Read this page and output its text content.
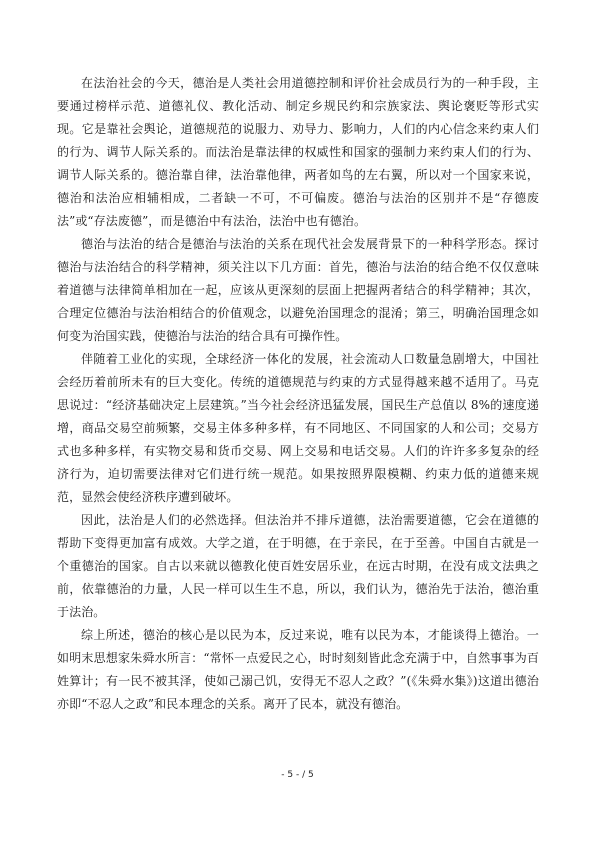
在法治社会的今天，德治是人类社会用道德控制和评价社会成员行为的一种手段，主要通过榜样示范、道德礼仪、教化活动、制定乡规民约和宗族家法、舆论褒贬等形式实现。它是靠社会舆论，道德规范的说服力、劝导力、影响力，人们的内心信念来约束人们的行为、调节人际关系的。而法治是靠法律的权威性和国家的强制力来约束人们的行为、调节人际关系的。德治靠自律，法治靠他律，两者如鸟的左右翼，所以对一个国家来说，德治和法治应相辅相成，二者缺一不可，不可偏废。德治与法治的区别并不是“存德废法”或“存法废德”，而是德治中有法治，法治中也有德治。

德治与法治的结合是德治与法治的关系在现代社会发展背景下的一种科学形态。探讨德治与法治结合的科学精神，须关注以下几方面：首先，德治与法治的结合绝不仅仅意味着道德与法律简单相加在一起，应该从更深刻的层面上把握两者结合的科学精神；其次，合理定位德治与法治相结合的价值观念，以避免治国理念的混淆；第三，明确治国理念如何变为治国实践，使德治与法治的结合具有可操作性。

伴随着工业化的实现，全球经济一体化的发展，社会流动人口数量急剧增大，中国社会经历着前所未有的巨大变化。传统的道德规范与约束的方式显得越来越不适用了。马克思说过：“经济基础决定上层建筑。”当今社会经济迅猛发展，国民生产总值以 8%的速度递增，商品交易空前频繁，交易主体多种多样，有不同地区、不同国家的人和公司；交易方式也多种多样，有实物交易和货币交易、网上交易和电话交易。人们的许许多多复杂的经济行为，迫切需要法律对它们进行统一规范。如果按照界限模糊、约束力低的道德来规范，显然会使经济秩序遭到破坏。

因此，法治是人们的必然选择。但法治并不排斥道德，法治需要道德，它会在道德的帮助下变得更加富有成效。大学之道，在于明德，在于亲民，在于至善。中国自古就是一个重德治的国家。自古以来就以德教化使百姓安居乐业，在远古时期，在没有成文法典之前，依靠德治的力量，人民一样可以生生不息，所以，我们认为，德治先于法治，德治重于法治。

综上所述，德治的核心是以民为本，反过来说，唯有以民为本，才能谈得上德治。一如明末思想家朱舜水所言：“常怀一点爱民之心，时时刻刻皆此念充满于中，自然事事为百姓算计；有一民不被其泽，使如己溺己饥，安得无不忍人之政？”(《朱舜水集》)这道出德治亦即“不忍人之政”和民本理念的关系。离开了民本，就没有德治。

- 5 - / 5
